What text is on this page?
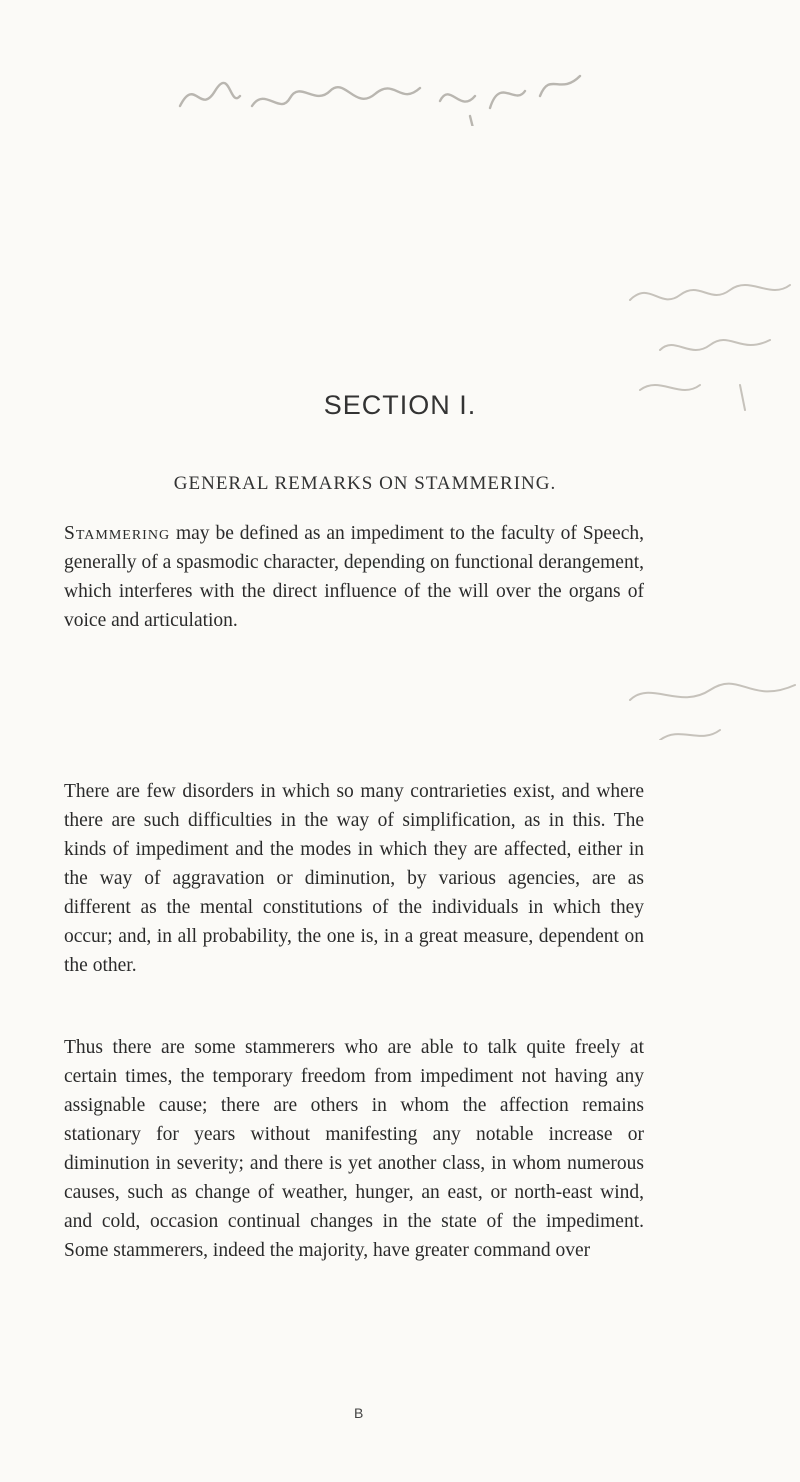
SECTION I.
GENERAL REMARKS ON STAMMERING.

Stammering may be defined as an impediment to the faculty of Speech, generally of a spasmodic character, depending on functional derangement, which interferes with the direct influence of the will over the organs of voice and articulation.

There are few disorders in which so many contrarieties exist, and where there are such difficulties in the way of simplification, as in this. The kinds of impediment and the modes in which they are affected, either in the way of aggravation or diminution, by various agencies, are as different as the mental constitutions of the individuals in which they occur; and, in all probability, the one is, in a great measure, dependent on the other.

Thus there are some stammerers who are able to talk quite freely at certain times, the temporary freedom from impediment not having any assignable cause; there are others in whom the affection remains stationary for years without manifesting any notable increase or diminution in severity; and there is yet another class, in whom numerous causes, such as change of weather, hunger, an east, or north-east wind, and cold, occasion continual changes in the state of the impediment. Some stammerers, indeed the majority, have greater command over

B
